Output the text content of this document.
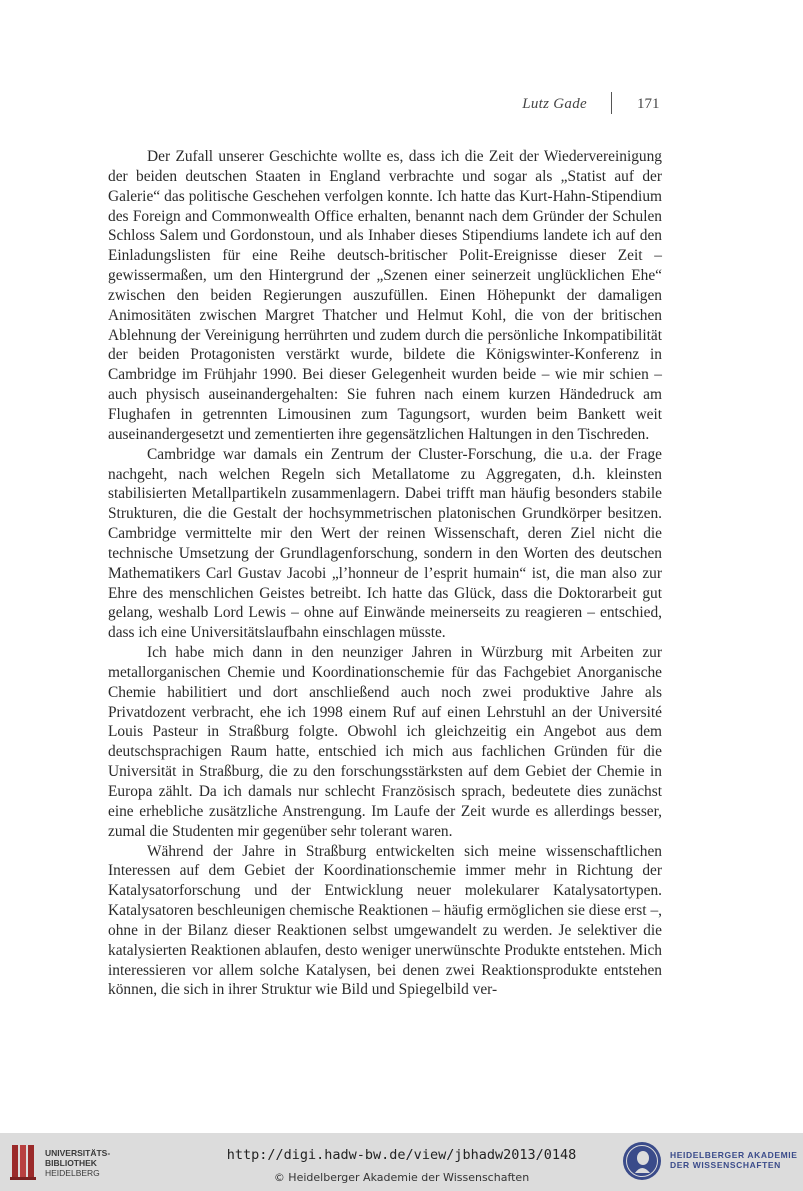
Lutz Gade	171

Der Zufall unserer Geschichte wollte es, dass ich die Zeit der Wiedervereinigung der beiden deutschen Staaten in England verbrachte und sogar als „Statist auf der Galerie“ das politische Geschehen verfolgen konnte. Ich hatte das Kurt-Hahn-Stipendium des Foreign and Commonwealth Office erhalten, benannt nach dem Gründer der Schulen Schloss Salem und Gordonstoun, und als Inhaber dieses Stipendiums landete ich auf den Einladungslisten für eine Reihe deutsch-britischer Polit-Ereignisse dieser Zeit – gewissermaßen, um den Hintergrund der „Szenen einer seinerzeit unglücklichen Ehe“ zwischen den beiden Regierungen auszufüllen. Einen Höhepunkt der damaligen Animositäten zwischen Margret Thatcher und Helmut Kohl, die von der britischen Ablehnung der Vereinigung herrührten und zudem durch die persönliche Inkompatibilität der beiden Protagonisten verstärkt wurde, bildete die Königswinter-Konferenz in Cambridge im Frühjahr 1990. Bei dieser Gelegenheit wurden beide – wie mir schien – auch physisch auseinandergehalten: Sie fuhren nach einem kurzen Händedruck am Flughafen in getrennten Limousinen zum Tagungsort, wurden beim Bankett weit auseinandergesetzt und zementierten ihre gegensätzlichen Haltungen in den Tischreden.

Cambridge war damals ein Zentrum der Cluster-Forschung, die u.a. der Frage nachgeht, nach welchen Regeln sich Metallatome zu Aggregaten, d.h. kleinsten stabilisierten Metallpartikeln zusammenlagern. Dabei trifft man häufig besonders stabile Strukturen, die die Gestalt der hochsymmetrischen platonischen Grundkörper besitzen. Cambridge vermittelte mir den Wert der reinen Wissenschaft, deren Ziel nicht die technische Umsetzung der Grundlagenforschung, sondern in den Worten des deutschen Mathematikers Carl Gustav Jacobi „l’honneur de l’esprit humain“ ist, die man also zur Ehre des menschlichen Geistes betreibt. Ich hatte das Glück, dass die Doktorarbeit gut gelang, weshalb Lord Lewis – ohne auf Einwände meinerseits zu reagieren – entschied, dass ich eine Universitätslaufbahn einschlagen müsste.

Ich habe mich dann in den neunziger Jahren in Würzburg mit Arbeiten zur metallorganischen Chemie und Koordinationschemie für das Fachgebiet Anorganische Chemie habilitiert und dort anschließend auch noch zwei produktive Jahre als Privatdozent verbracht, ehe ich 1998 einem Ruf auf einen Lehrstuhl an der Université Louis Pasteur in Straßburg folgte. Obwohl ich gleichzeitig ein Angebot aus dem deutschsprachigen Raum hatte, entschied ich mich aus fachlichen Gründen für die Universität in Straßburg, die zu den forschungsstärksten auf dem Gebiet der Chemie in Europa zählt. Da ich damals nur schlecht Französisch sprach, bedeutete dies zunächst eine erhebliche zusätzliche Anstrengung. Im Laufe der Zeit wurde es allerdings besser, zumal die Studenten mir gegenüber sehr tolerant waren.

Während der Jahre in Straßburg entwickelten sich meine wissenschaftlichen Interessen auf dem Gebiet der Koordinationschemie immer mehr in Richtung der Katalysatorforschung und der Entwicklung neuer molekularer Katalysatortypen. Katalysatoren beschleunigen chemische Reaktionen – häufig ermöglichen sie diese erst –, ohne in der Bilanz dieser Reaktionen selbst umgewandelt zu werden. Je selektiver die katalysierten Reaktionen ablaufen, desto weniger unerwünschte Produkte entstehen. Mich interessieren vor allem solche Katalysen, bei denen zwei Reaktionsprodukte entstehen können, die sich in ihrer Struktur wie Bild und Spiegelbild ver-

UNIVERSITÄTS-
BIBLIOTHEK
HEIDELBERG
http://digi.hadw-bw.de/view/jbhadw2013/0148
© Heidelberger Akademie der Wissenschaften
HEIDELBERGER AKADEMIE
DER WISSENSCHAFTEN
